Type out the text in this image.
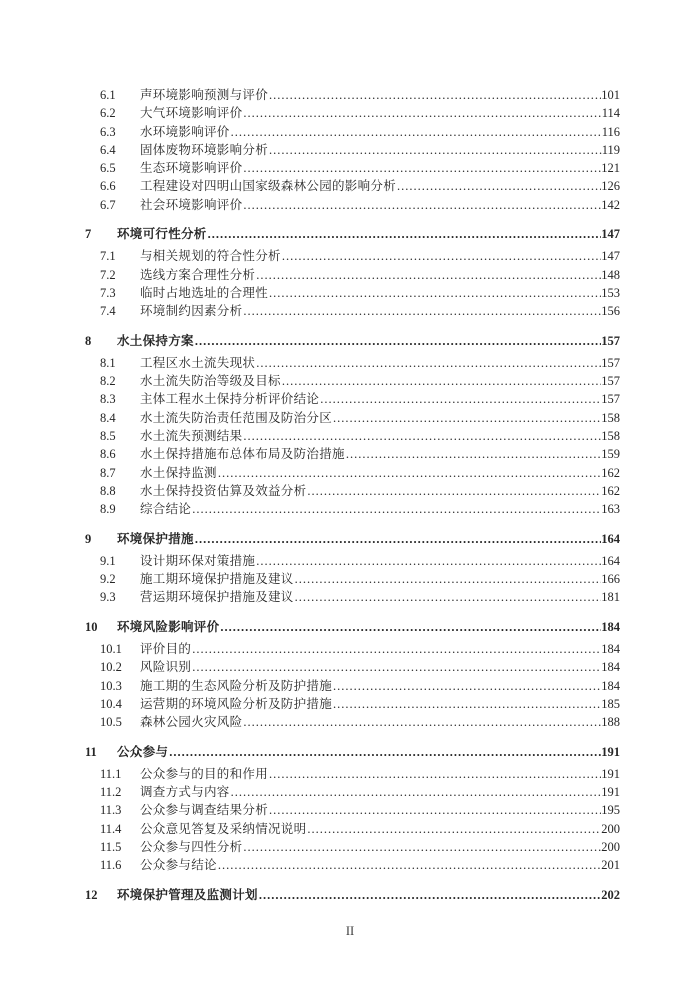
6.1	声环境影响预测与评价 .....	101
6.2	大气环境影响评价 .....	114
6.3	水环境影响评价 .....	116
6.4	固体废物环境影响分析 .....	119
6.5	生态环境影响评价 .....	121
6.6	工程建设对四明山国家级森林公园的影响分析 .....	126
6.7	社会环境影响评价 .....	142
7	环境可行性分析 .....	147
7.1	与相关规划的符合性分析 .....	147
7.2	选线方案合理性分析 .....	148
7.3	临时占地选址的合理性 .....	153
7.4	环境制约因素分析 .....	156
8	水土保持方案 .....	157
8.1	工程区水土流失现状 .....	157
8.2	水土流失防治等级及目标 .....	157
8.3	主体工程水土保持分析评价结论 .....	157
8.4	水土流失防治责任范围及防治分区 .....	158
8.5	水土流失预测结果 .....	158
8.6	水土保持措施布总体布局及防治措施 .....	159
8.7	水土保持监测 .....	162
8.8	水土保持投资估算及效益分析 .....	162
8.9	综合结论 .....	163
9	环境保护措施 .....	164
9.1	设计期环保对策措施 .....	164
9.2	施工期环境保护措施及建议 .....	166
9.3	营运期环境保护措施及建议 .....	181
10	环境风险影响评价 .....	184
10.1	评价目的 .....	184
10.2	风险识别 .....	184
10.3	施工期的生态风险分析及防护措施 .....	184
10.4	运营期的环境风险分析及防护措施 .....	185
10.5	森林公园火灾风险 .....	188
11	公众参与 .....	191
11.1	公众参与的目的和作用 .....	191
11.2	调查方式与内容 .....	191
11.3	公众参与调查结果分析 .....	195
11.4	公众意见答复及采纳情况说明 .....	200
11.5	公众参与四性分析 .....	200
11.6	公众参与结论 .....	201
12	环境保护管理及监测计划 .....	202
II
